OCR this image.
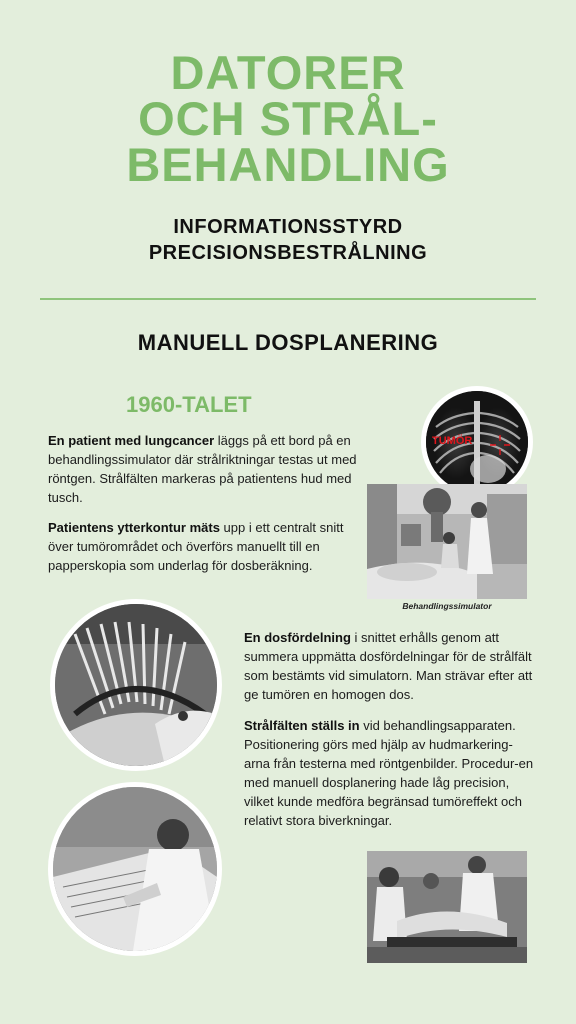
DATORER
OCH STRÅL-
BEHANDLING
INFORMATIONSSTYRD
PRECISIONSBESTRÅLNING
MANUELL DOSPLANERING
1960-TALET
En patient med lungcancer läggs på ett bord på en behandlingssimulator där strålriktningar testas ut med röntgen. Strålfälten markeras på patientens hud med tusch.
Patientens ytterkontur mäts upp i ett centralt snitt över tumörområdet och överförs manuellt till en papperskopia som underlag för dosberäkning.
En dosfördelning i snittet erhålls genom att summera uppmätta dosfördelningar för de strålfält som bestämts vid simulatorn. Man strävar efter att ge tumören en homogen dos.
Strålfälten ställs in vid behandlingsapparaten. Positionering görs med hjälp av hudmarkering-arna från testerna med röntgenbilder. Procedur-en med manuell dosplanering hade låg precision, vilket kunde medföra begränsad tumöreffekt och relativt stora biverkningar.
TUMÖR
Behandlingssimulator
